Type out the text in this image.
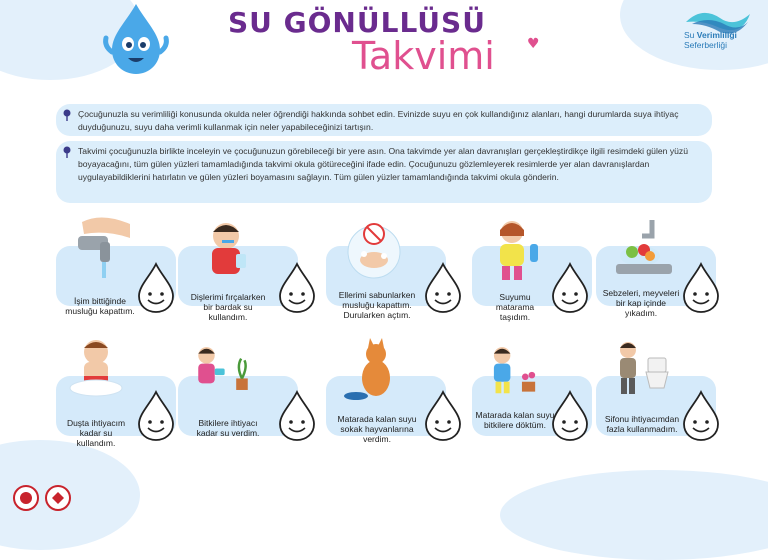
SU GÖNÜLLÜSÜ
Takvimi ♥
Su Verimliliği
Seferberliği
Çocuğunuzla su verimliliği konusunda okulda neler öğrendiği hakkında sohbet edin. Evinizde suyu en çok kullandığınız alanları, hangi durumlarda suya ihtiyaç duyduğunuzu, suyu daha verimli kullanmak için neler yapabileceğinizi tartışın.
Takvimi çocuğunuzla birlikte inceleyin ve çocuğunuzun görebileceği bir yere asın. Ona takvimde yer alan davranışları gerçekleştirdikçe ilgili resimdeki gülen yüzü boyayacağını, tüm gülen yüzleri tamamladığında takvimi okula götüreceğini ifade edin. Çocuğunuzu gözlemleyerek resimlerde yer alan davranışlardan uygulayabildiklerini hatırlatın ve gülen yüzleri boyamasını sağlayın. Tüm gülen yüzler tamamlandığında takvimi okula gönderin.
İşim bittiğinde musluğu kapattım.
Dişlerimi fırçalarken bir bardak su kullandım.
Ellerimi sabunlarken musluğu kapattım. Durularken açtım.
Suyumu matarama taşıdım.
Sebzeleri, meyveleri bir kap içinde yıkadım.
Duşta ihtiyacım kadar su kullandım.
Bitkilere ihtiyacı kadar su verdim.
Matarada kalan suyu sokak hayvanlarına verdim.
Matarada kalan suyu bitkilere döktüm.
Sifonu ihtiyacımdan fazla kullanmadım.
